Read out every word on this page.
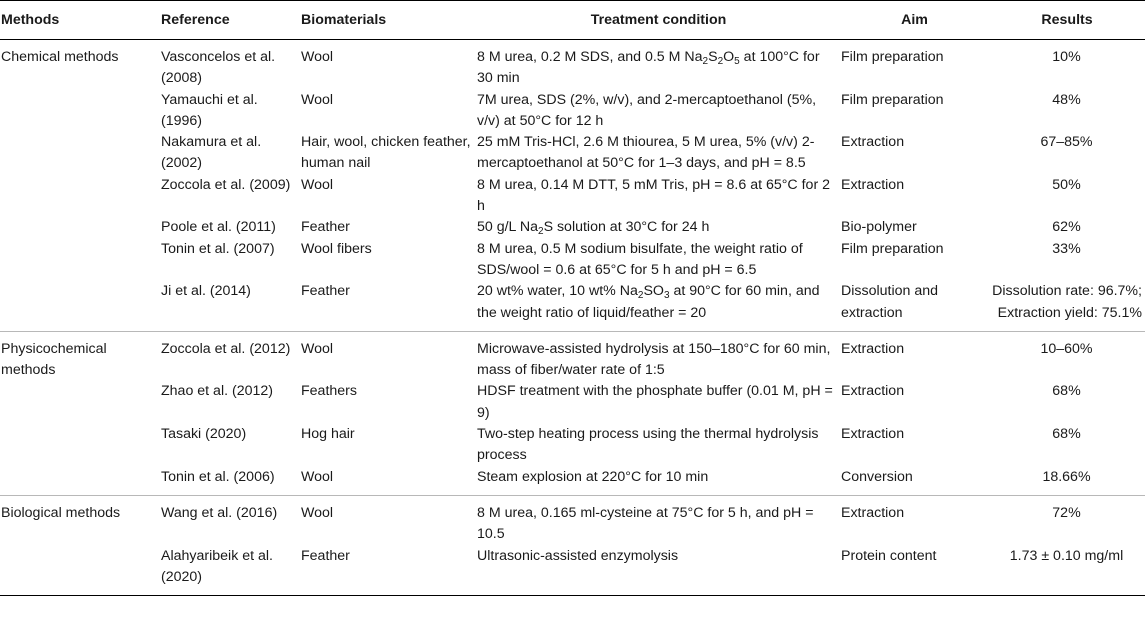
Methods	Reference	Biomaterials	Treatment condition	Aim	Results
Chemical methods	Vasconcelos et al. (2008)	Wool	8 M urea, 0.2 M SDS, and 0.5 M $Na_2S_2O_5$ at 100°C for 30 min	Film preparation	10%
	Yamauchi et al. (1996)	Wool	7M urea, SDS (2%, w/v), and 2-mercaptoethanol (5%, v/v) at 50°C for 12 h	Film preparation	48%
	Nakamura et al. (2002)	Hair, wool, chicken feather, human nail	25 mM Tris-HCl, 2.6 M thiourea, 5 M urea, 5% (v/v) 2-mercaptoethanol at 50°C for 1–3 days, and pH = 8.5	Extraction	67–85%
	Zoccola et al. (2009)	Wool	8 M urea, 0.14 M DTT, 5 mM Tris, pH = 8.6 at 65°C for 2 h	Extraction	50%
	Poole et al. (2011)	Feather	50 g/L $Na_2S$ solution at 30°C for 24 h	Bio-polymer	62%
	Tonin et al. (2007)	Wool fibers	8 M urea, 0.5 M sodium bisulfate, the weight ratio of SDS/wool = 0.6 at 65°C for 5 h and pH = 6.5	Film preparation	33%
	Ji et al. (2014)	Feather	20 wt% water, 10 wt% $Na_2SO_3$ at 90°C for 60 min, and the weight ratio of liquid/feather = 20	Dissolution and extraction	Dissolution rate: 96.7%; Extraction yield: 75.1%
Physicochemical methods	Zoccola et al. (2012)	Wool	Microwave-assisted hydrolysis at 150–180°C for 60 min, mass of fiber/water rate of 1:5	Extraction	10–60%
	Zhao et al. (2012)	Feathers	HDSF treatment with the phosphate buffer (0.01 M, pH = 9)	Extraction	68%
	Tasaki (2020)	Hog hair	Two-step heating process using the thermal hydrolysis process	Extraction	68%
	Tonin et al. (2006)	Wool	Steam explosion at 220°C for 10 min	Conversion	18.66%
Biological methods	Wang et al. (2016)	Wool	8 M urea, 0.165 ml-cysteine at 75°C for 5 h, and pH = 10.5	Extraction	72%
	Alahyaribeik et al. (2020)	Feather	Ultrasonic-assisted enzymolysis	Protein content	1.73 ± 0.10 mg/ml
